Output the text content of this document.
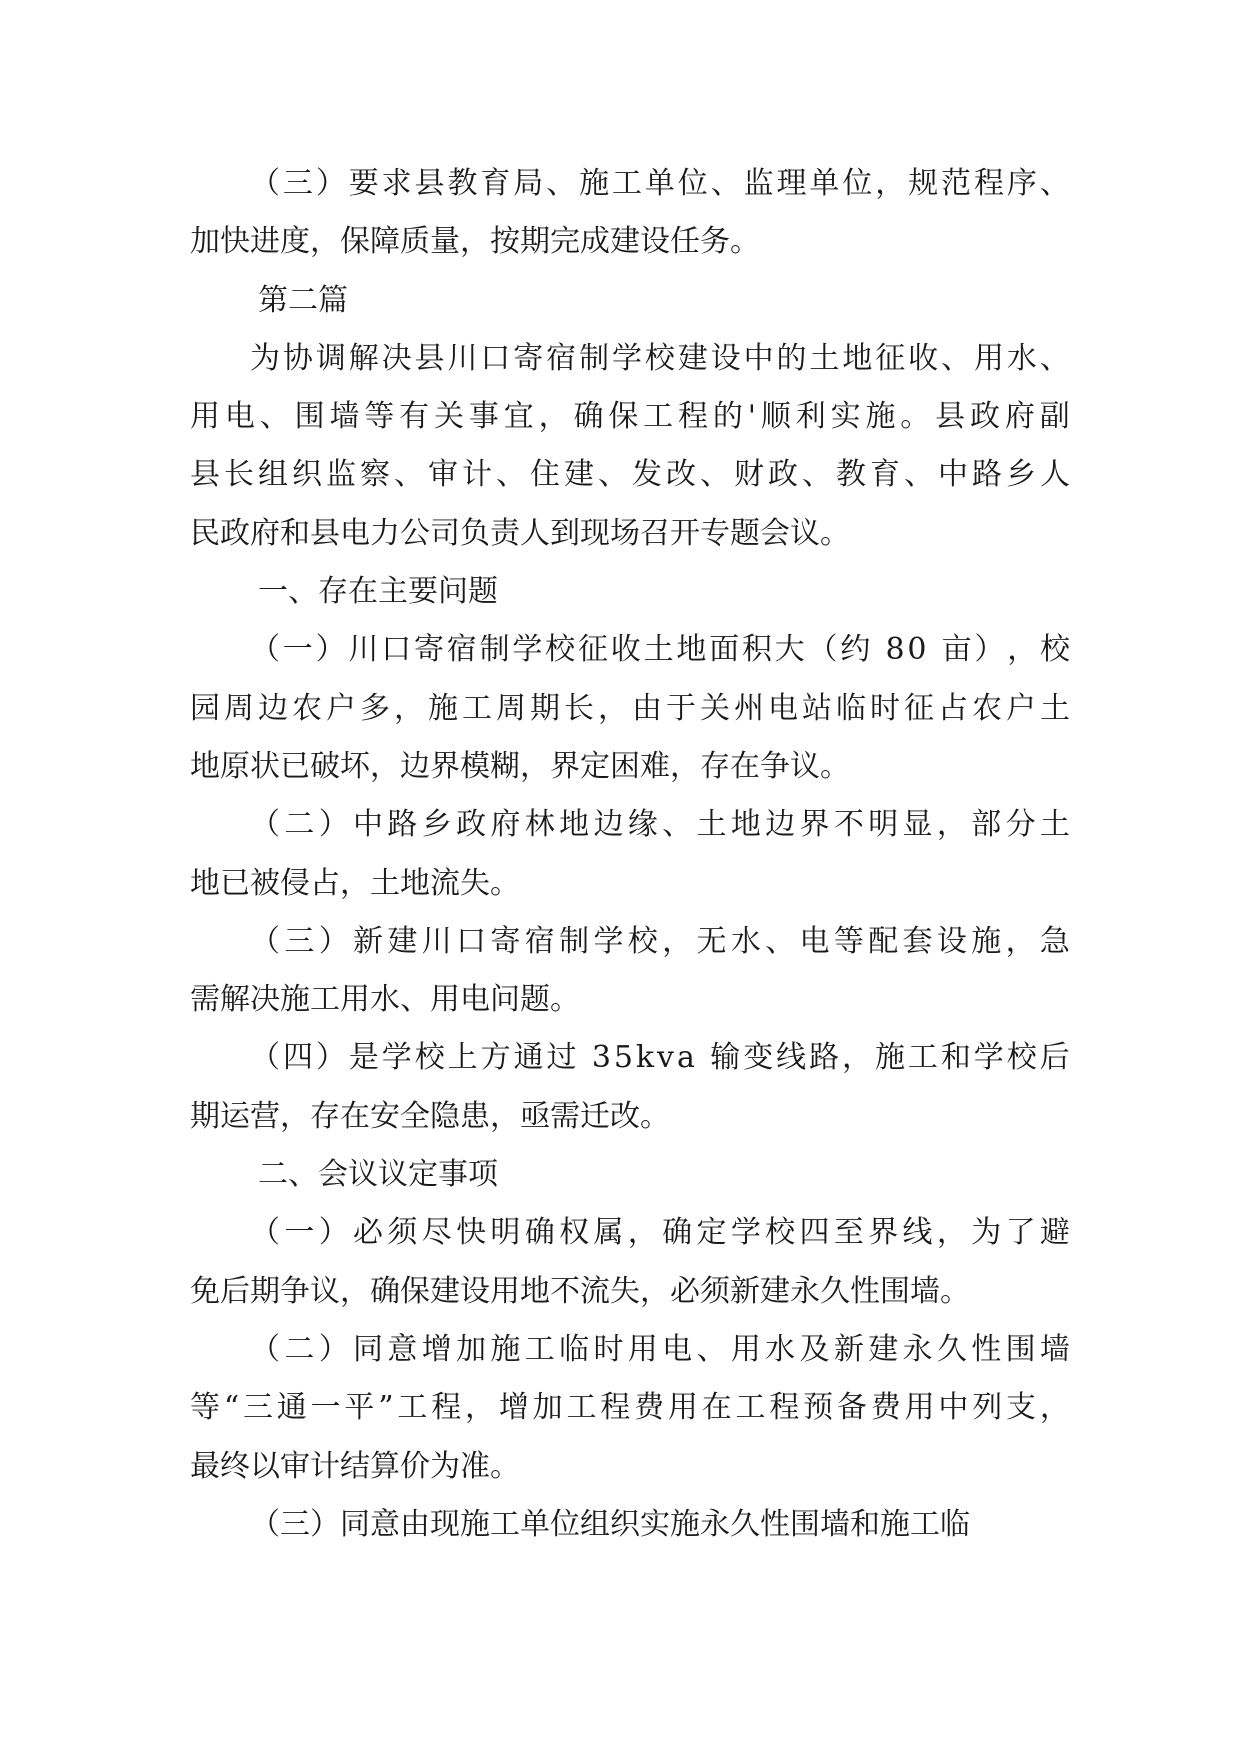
（ 三 ） 要 求 县 教 育 局 、 施 工 单 位 、 监 理 单 位 ， 规 范 程 序 、
加快进度，保障质量，按期完成建设任务。
第二篇
为 协 调 解 决 县 川 口 寄 宿 制 学 校 建 设 中 的 土 地 征 收 、 用 水 、
用 电 、 围 墙 等 有 关 事 宜 ， 确 保 工 程 的 ' 顺 利 实 施 。 县 政 府 副
县 长 组 织 监 察 、 审 计 、 住 建 、 发 改 、 财 政 、 教 育 、 中 路 乡 人
民政府和县电力公司负责人到现场召开专题会议。
一、存在主要问题
（ 一 ） 川 口 寄 宿 制 学 校 征 收 土 地 面 积 大 （ 约
8 0
亩 ） ， 校
园 周 边 农 户 多 ， 施 工 周 期 长 ， 由 于 关 州 电 站 临 时 征 占 农 户 土
地原状已破坏，边界模糊，界定困难，存在争议。
（ 二 ） 中 路 乡 政 府 林 地 边 缘 、 土 地 边 界 不 明 显 ， 部 分 土
地已被侵占，土地流失。
（ 三 ） 新 建 川 口 寄 宿 制 学 校 ， 无 水 、 电 等 配 套 设 施 ， 急
需解决施工用水、用电问题。
（ 四 ） 是 学 校 上 方 通 过
3 5 k v a
输 变 线 路 ， 施 工 和 学 校 后
期运营，存在安全隐患，亟需迁改。
二、会议议定事项
（ 一 ） 必 须 尽 快 明 确 权 属 ， 确 定 学 校 四 至 界 线 ， 为 了 避
免后期争议，确保建设用地不流失，必须新建永久性围墙。
（ 二 ） 同 意 增 加 施 工 临 时 用 电 、 用 水 及 新 建 永 久 性 围 墙
等 “ 三 通 一 平 ” 工 程 ， 增 加 工 程 费 用 在 工 程 预 备 费 用 中 列 支 ，
最终以审计结算价为准。
（三）同意由现施工单位组织实施永久性围墙和施工临
